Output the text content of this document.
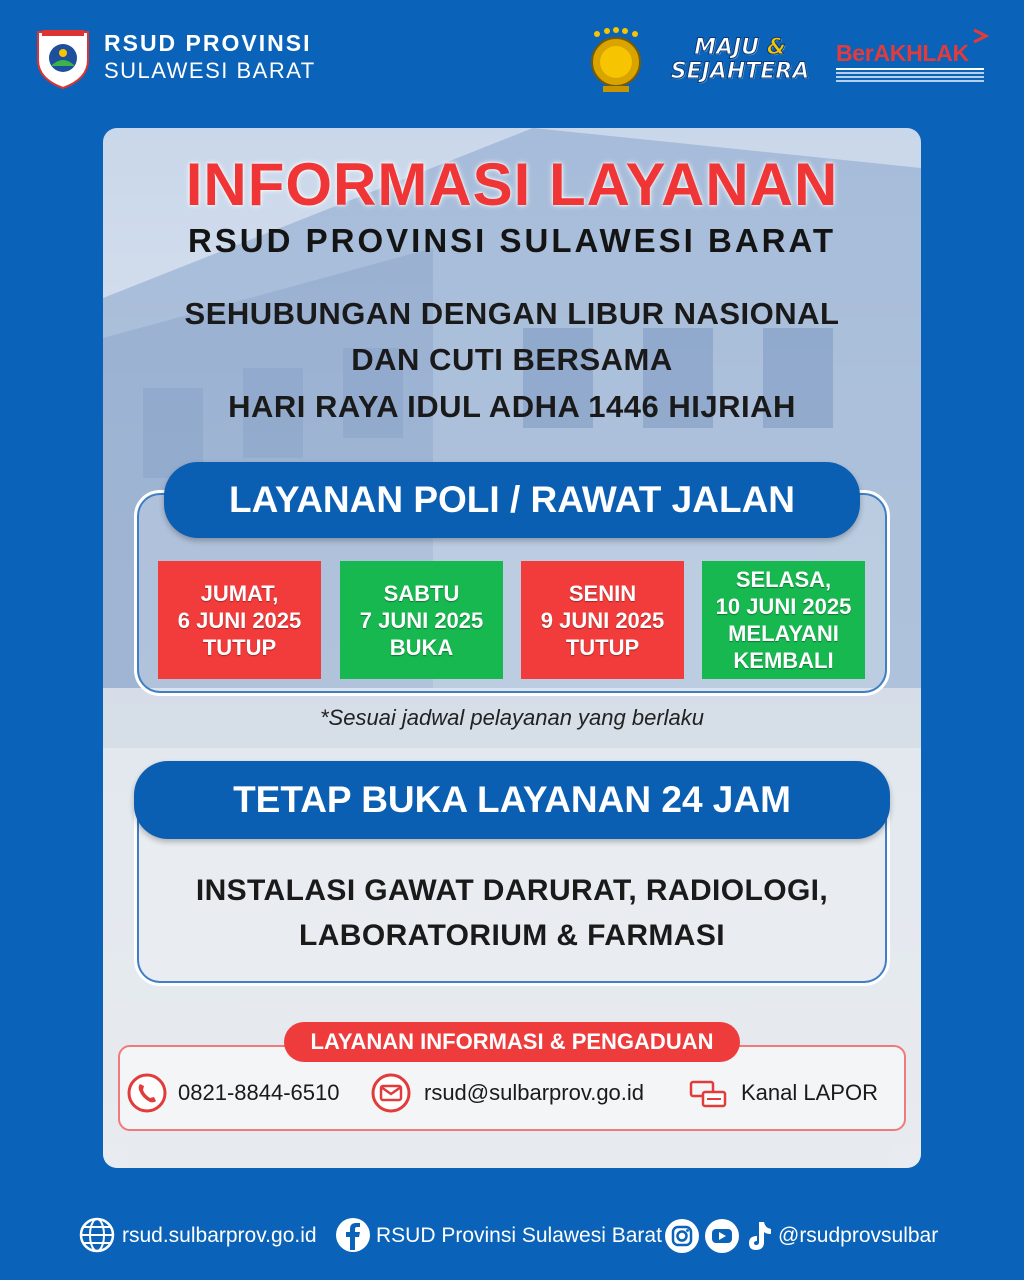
RSUD PROVINSI
SULAWESI BARAT
MAJU &
SEJAHTERA
BerAKHLAK
INFORMASI LAYANAN
RSUD PROVINSI SULAWESI BARAT
SEHUBUNGAN DENGAN LIBUR NASIONAL
DAN CUTI BERSAMA
HARI RAYA IDUL ADHA 1446 HIJRIAH
LAYANAN POLI / RAWAT JALAN
JUMAT,
6 JUNI 2025
TUTUP
SABTU
7 JUNI 2025
BUKA
SENIN
9 JUNI 2025
TUTUP
SELASA,
10 JUNI 2025
MELAYANI
KEMBALI
*Sesuai jadwal pelayanan yang berlaku
TETAP BUKA LAYANAN 24 JAM
INSTALASI GAWAT DARURAT, RADIOLOGI,
LABORATORIUM & FARMASI
LAYANAN INFORMASI & PENGADUAN
0821-8844-6510	rsud@sulbarprov.go.id	Kanal LAPOR
rsud.sulbarprov.go.id	RSUD Provinsi Sulawesi Barat	@rsudprovsulbar
